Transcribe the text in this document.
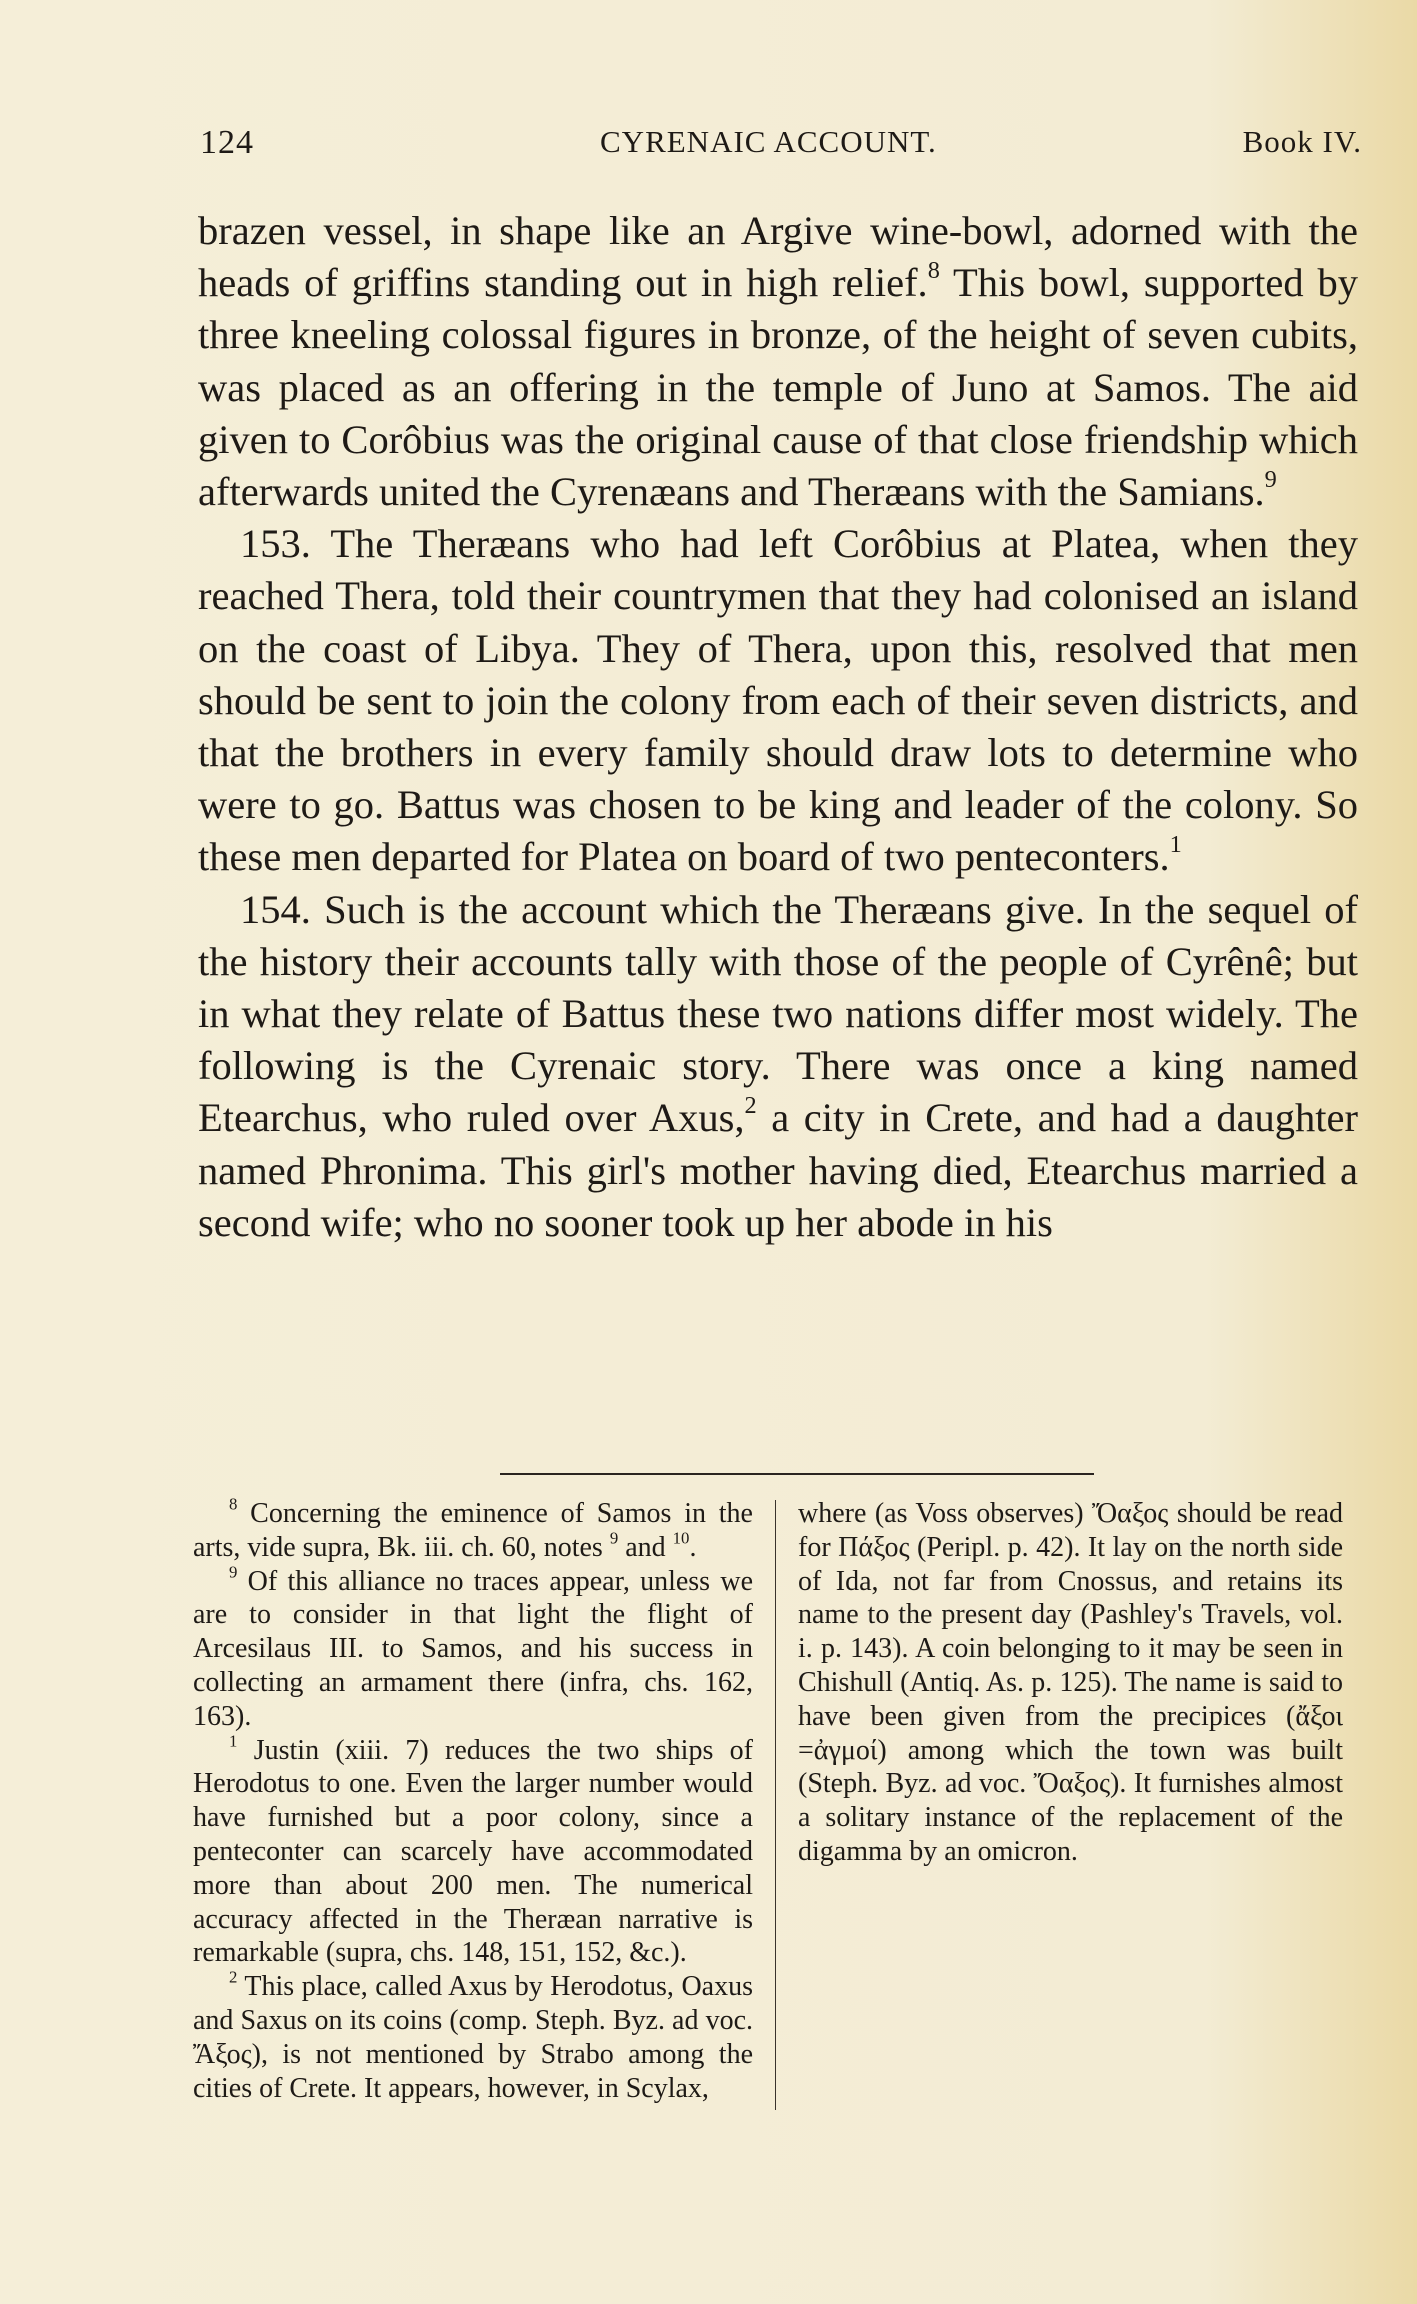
124	CYRENAIC ACCOUNT.	Book IV.

brazen vessel, in shape like an Argive wine-bowl, adorned with the heads of griffins standing out in high relief.$^8$ This bowl, supported by three kneeling colossal figures in bronze, of the height of seven cubits, was placed as an offering in the temple of Juno at Samos. The aid given to Corôbius was the original cause of that close friendship which afterwards united the Cyrenæans and Theræans with the Samians.$^9$

153. The Theræans who had left Corôbius at Platea, when they reached Thera, told their countrymen that they had colonised an island on the coast of Libya. They of Thera, upon this, resolved that men should be sent to join the colony from each of their seven districts, and that the brothers in every family should draw lots to determine who were to go. Battus was chosen to be king and leader of the colony. So these men departed for Platea on board of two penteconters.$^1$

154. Such is the account which the Theræans give. In the sequel of the history their accounts tally with those of the people of Cyrênê; but in what they relate of Battus these two nations differ most widely. The following is the Cyrenaic story. There was once a king named Etearchus, who ruled over Axus,$^2$ a city in Crete, and had a daughter named Phronima. This girl's mother having died, Etearchus married a second wife; who no sooner took up her abode in his

$^8$ Concerning the eminence of Samos in the arts, vide supra, Bk. iii. ch. 60, notes $^9$ and $^{10}$.

$^9$ Of this alliance no traces appear, unless we are to consider in that light the flight of Arcesilaus III. to Samos, and his success in collecting an armament there (infra, chs. 162, 163).

$^1$ Justin (xiii. 7) reduces the two ships of Herodotus to one. Even the larger number would have furnished but a poor colony, since a penteconter can scarcely have accommodated more than about 200 men. The numerical accuracy affected in the Theræan narrative is remarkable (supra, chs. 148, 151, 152, &c.).

$^2$ This place, called Axus by Herodotus, Oaxus and Saxus on its coins (comp. Steph. Byz. ad voc. Ἄξος), is not mentioned by Strabo among the cities of Crete. It appears, however, in Scylax,

where (as Voss observes) Ὄαξος should be read for Πάξος (Peripl. p. 42). It lay on the north side of Ida, not far from Cnossus, and retains its name to the present day (Pashley's Travels, vol. i. p. 143). A coin belonging to it may be seen in Chishull (Antiq. As. p. 125). The name is said to have been given from the precipices (ἄξοι =ἀγμοί) among which the town was built (Steph. Byz. ad voc. Ὄαξος). It furnishes almost a solitary instance of the replacement of the digamma by an omicron.
